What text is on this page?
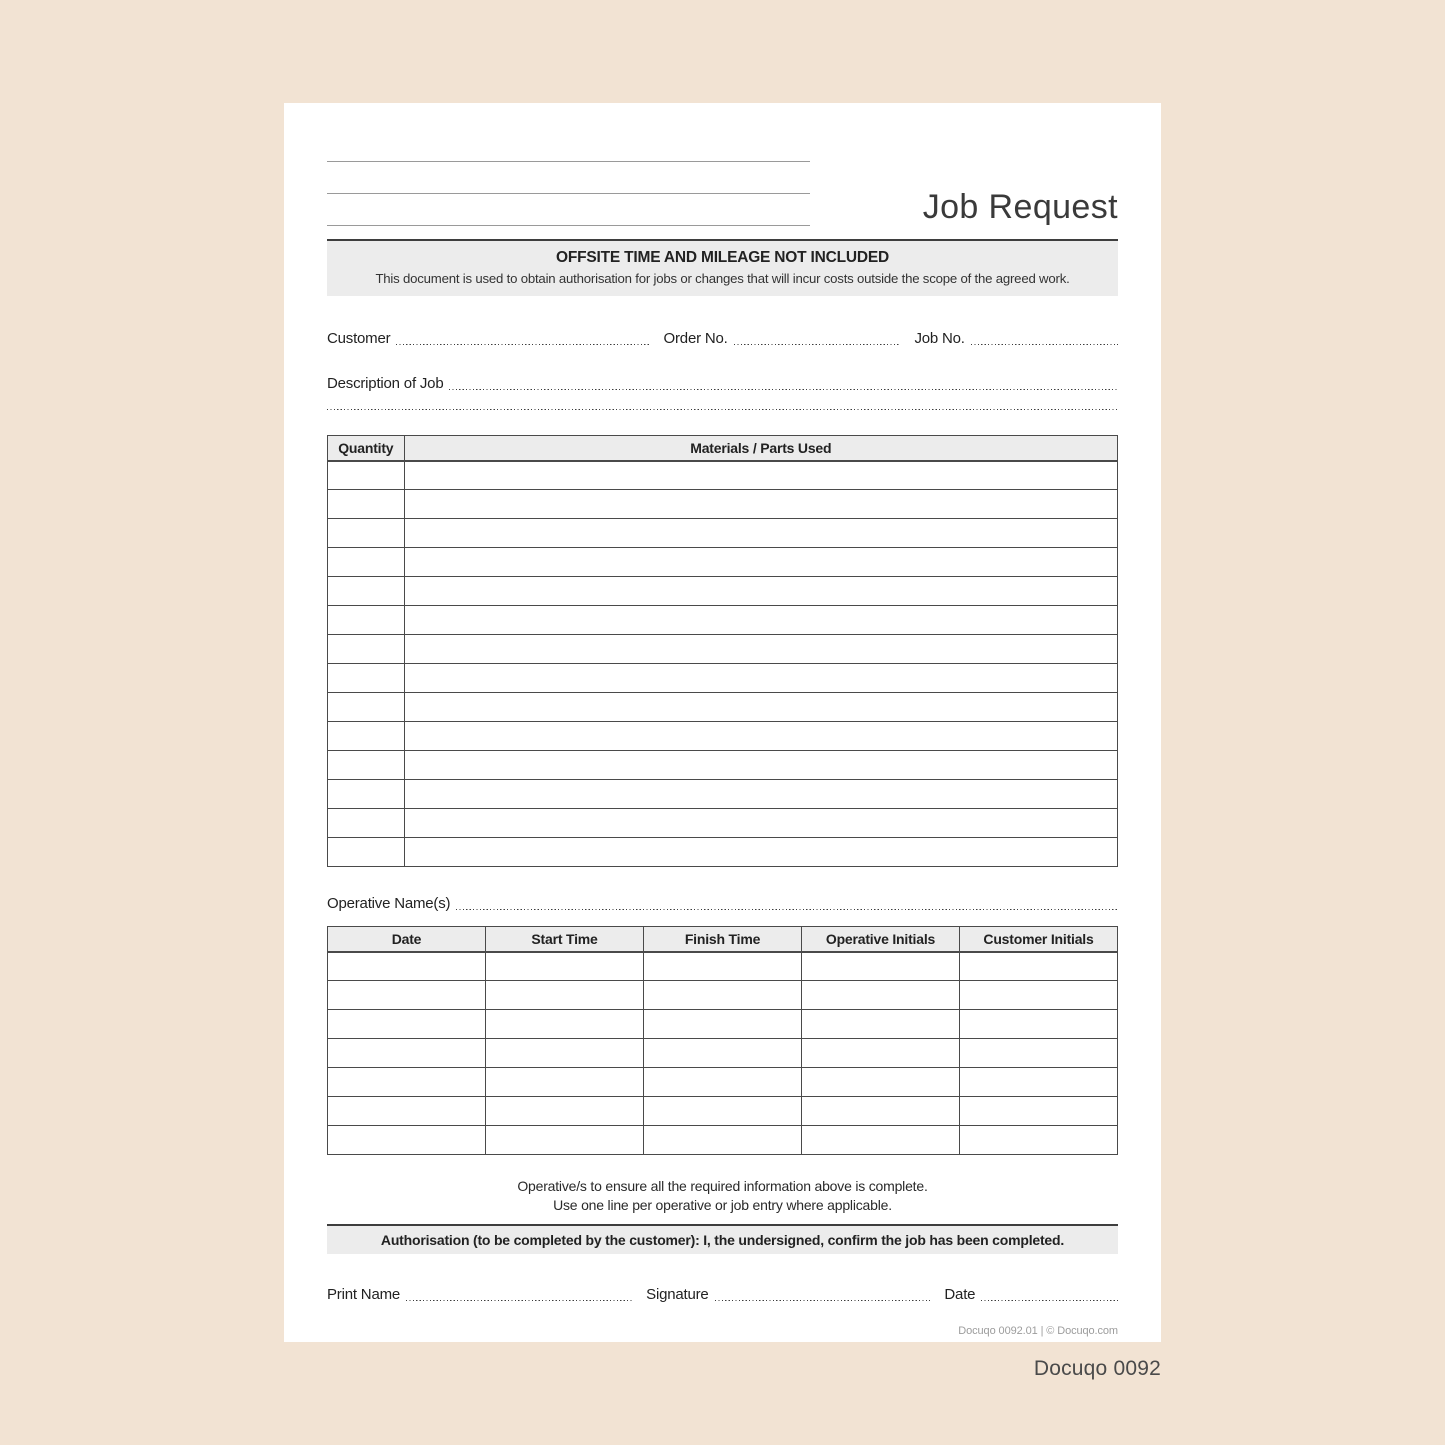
Job Request
OFFSITE TIME AND MILEAGE NOT INCLUDED
This document is used to obtain authorisation for jobs or changes that will incur costs outside the scope of the agreed work.
Customer	Order No.	Job No.
Description of Job
Quantity	Materials / Parts Used

Operative Name(s)
Date	Start Time	Finish Time	Operative Initials	Customer Initials

Operative/s to ensure all the required information above is complete.
Use one line per operative or job entry where applicable.
Authorisation (to be completed by the customer): I, the undersigned, confirm the job has been completed.
Print Name	Signature	Date
Docuqo 0092.01 | © Docuqo.com
Docuqo 0092
